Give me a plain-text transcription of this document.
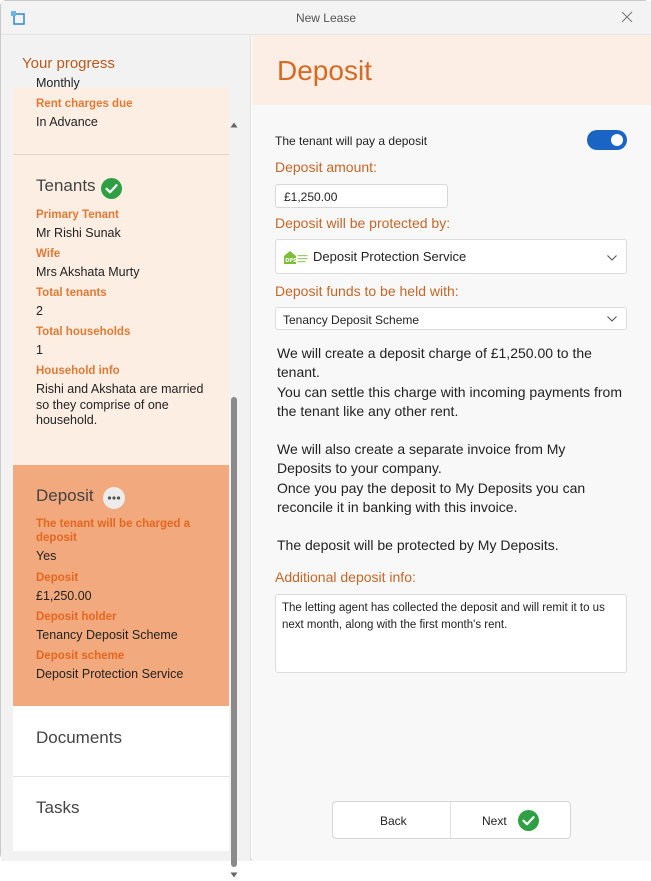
New Lease
Your progress
Monthly
Rent charges due
In Advance
Tenants
Primary Tenant
Mr Rishi Sunak
Wife
Mrs Akshata Murty
Total tenants
2
Total households
1
Household info
Rishi and Akshata are married so they comprise of one household.
Deposit
The tenant will be charged a deposit
Yes
Deposit
£1,250.00
Deposit holder
Tenancy Deposit Scheme
Deposit scheme
Deposit Protection Service
Documents
Tasks
Deposit
The tenant will pay a deposit
Deposit amount:
£1,250.00
Deposit will be protected by:
DPS Deposit Protection Service
Deposit funds to be held with:
Tenancy Deposit Scheme
We will create a deposit charge of £1,250.00 to the tenant.
You can settle this charge with incoming payments from the tenant like any other rent.
We will also create a separate invoice from My Deposits to your company.
Once you pay the deposit to My Deposits you can reconcile it in banking with this invoice.
The deposit will be protected by My Deposits.
Additional deposit info:
The letting agent has collected the deposit and will remit it to us next month, along with the first month's rent.
Back	Next
